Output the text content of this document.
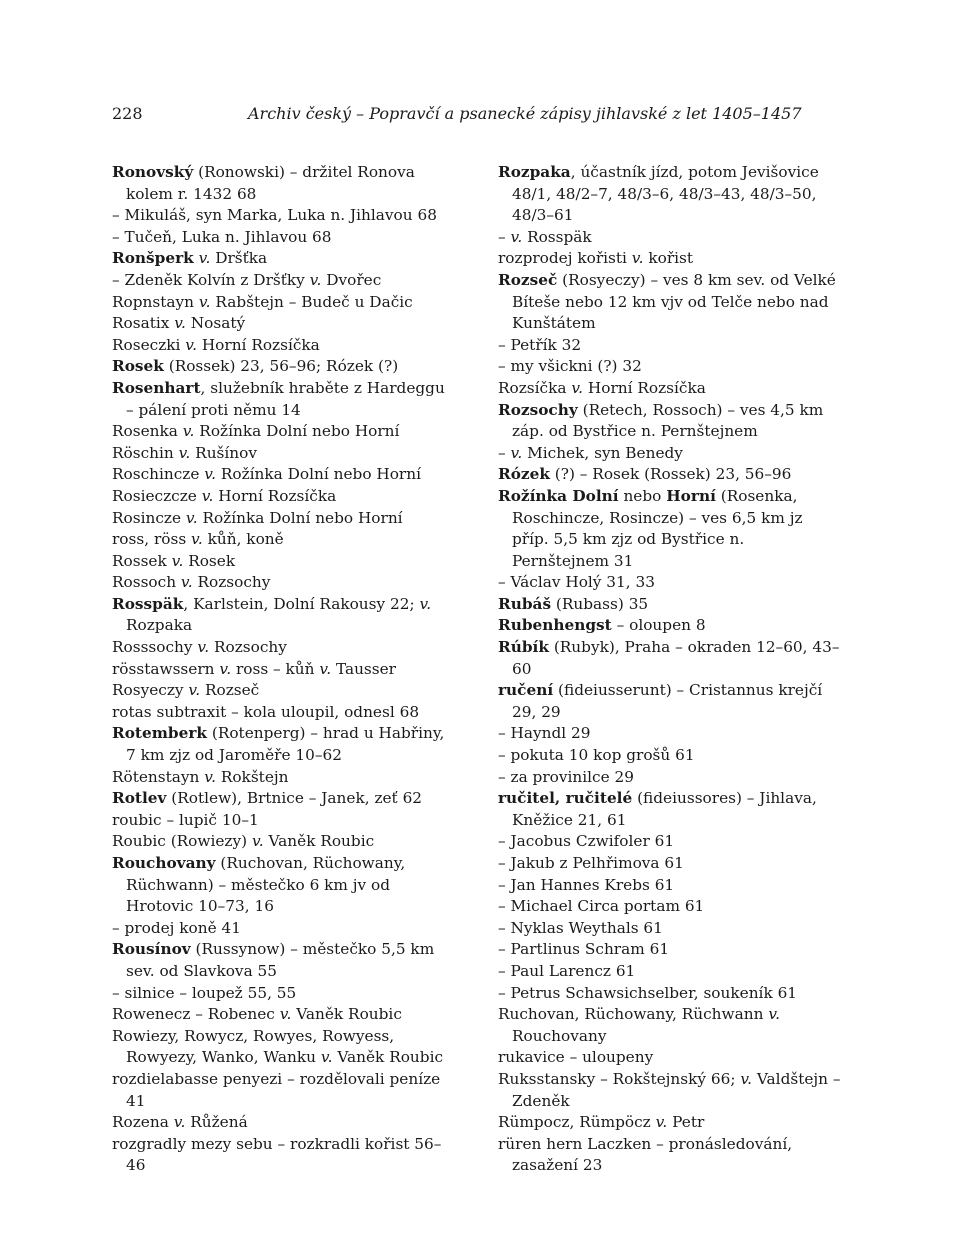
228	Archiv český – Popravčí a psanecké zápisy jihlavské z let 1405–1457
Ronovský (Ronowski) – držitel Ronova kolem r. 1432 68
– Mikuláš, syn Marka, Luka n. Jihlavou 68
– Tučeň, Luka n. Jihlavou 68
Ronšperk v. Dršťka
– Zdeněk Kolvín z Dršťky v. Dvořec
Ropnstayn v. Rabštejn – Budeč u Dačic
Rosatix v. Nosatý
Roseczki v. Horní Rozsíčka
Rosek (Rossek) 23, 56–96; Rózek (?)
Rosenhart, služebník hraběte z Hardeggu – pálení proti němu 14
Rosenka v. Rožínka Dolní nebo Horní
Röschin v. Rušínov
Roschincze v. Rožínka Dolní nebo Horní
Rosieczcze v. Horní Rozsíčka
Rosincze v. Rožínka Dolní nebo Horní
ross, röss v. kůň, koně
Rossek v. Rosek
Rossoch v. Rozsochy
Rosspäk, Karlstein, Dolní Rakousy 22; v. Rozpaka
Rosssochy v. Rozsochy
rösstawssern v. ross – kůň v. Tausser
Rosyeczy v. Rozseč
rotas subtraxit – kola uloupil, odnesl 68
Rotemberk (Rotenperg) – hrad u Habřiny, 7 km zjz od Jaroměře 10–62
Rötenstayn v. Rokštejn
Rotlev (Rotlew), Brtnice – Janek, zeť 62
roubic – lupič 10–1
Roubic (Rowiezy) v. Vaněk Roubic
Rouchovany (Ruchovan, Rüchowany, Rüchwann) – městečko 6 km jv od Hrotovic 10–73, 16
– prodej koně 41
Rousínov (Russynow) – městečko 5,5 km sev. od Slavkova 55
– silnice – loupež 55, 55
Rowenecz – Robenec v. Vaněk Roubic
Rowiezy, Rowycz, Rowyes, Rowyess, Rowyezy, Wanko, Wanku v. Vaněk Roubic
rozdielabasse penyezi – rozdělovali peníze 41
Rozena v. Růžená
rozgradly mezy sebu – rozkradli kořist 56–46
Rozpaka, účastník jízd, potom Jevišovice 48/1, 48/2–7, 48/3–6, 48/3–43, 48/3–50, 48/3–61
– v. Rosspäk
rozprodej kořisti v. kořist
Rozseč (Rosyeczy) – ves 8 km sev. od Velké Bíteše nebo 12 km vjv od Telče nebo nad Kunštátem
– Petřík 32
– my všickni (?) 32
Rozsíčka v. Horní Rozsíčka
Rozsochy (Retech, Rossoch) – ves 4,5 km záp. od Bystřice n. Pernštejnem
– v. Michek, syn Benedy
Rózek (?) – Rosek (Rossek) 23, 56–96
Rožínka Dolní nebo Horní (Rosenka, Roschincze, Rosincze) – ves 6,5 km jz příp. 5,5 km zjz od Bystřice n. Pernštejnem 31
– Václav Holý 31, 33
Rubáš (Rubass) 35
Rubenhengst – oloupen 8
Rúbík (Rubyk), Praha – okraden 12–60, 43–60
ručení (fideiusserunt) – Cristannus krejčí 29, 29
– Hayndl 29
– pokuta 10 kop grošů 61
– za provinilce 29
ručitel, ručitelé (fideiussores) – Jihlava, Kněžice 21, 61
– Jacobus Czwifoler 61
– Jakub z Pelhřimova 61
– Jan Hannes Krebs 61
– Michael Circa portam 61
– Nyklas Weythals 61
– Partlinus Schram 61
– Paul Larencz 61
– Petrus Schawsichselber, soukeník 61
Ruchovan, Rüchowany, Rüchwann v. Rouchovany
rukavice – uloupeny
Ruksstansky – Rokštejnský 66; v. Valdštejn – Zdeněk
Rümpocz, Rümpöcz v. Petr
rüren hern Laczken – pronásledování, zasažení 23
